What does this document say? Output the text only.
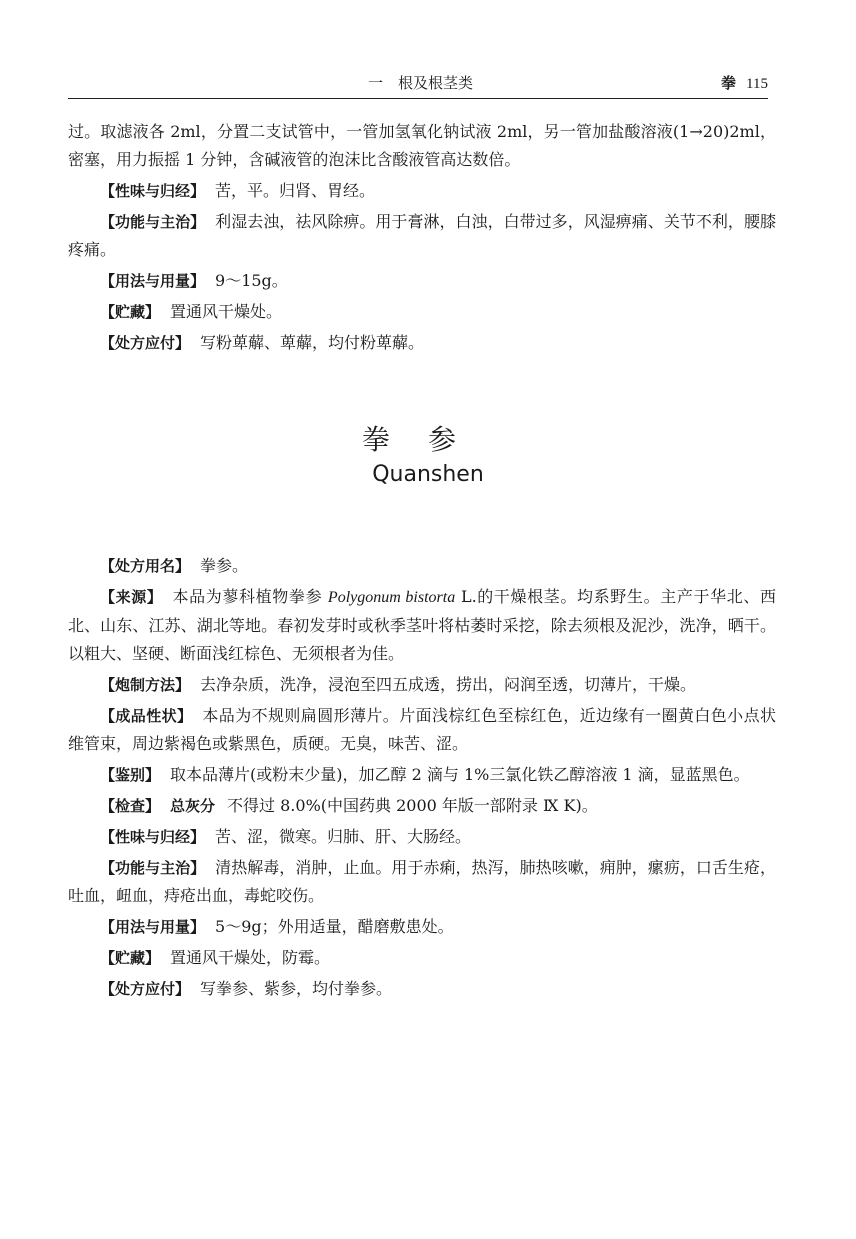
一　根及根茎类	拳 115

过。取滤液各 2ml，分置二支试管中，一管加氢氧化钠试液 2ml，另一管加盐酸溶液(1→20)2ml，密塞，用力振摇 1 分钟，含碱液管的泡沫比含酸液管高达数倍。

【性味与归经】 苦，平。归肾、胃经。

【功能与主治】 利湿去浊，祛风除痹。用于膏淋，白浊，白带过多，风湿痹痛、关节不利，腰膝疼痛。

【用法与用量】 9～15g。

【贮藏】 置通风干燥处。

【处方应付】 写粉萆薢、萆薢，均付粉萆薢。

拳参
Quanshen

【处方用名】 拳参。

【来源】 本品为蓼科植物拳参 Polygonum bistorta L.的干燥根茎。均系野生。主产于华北、西北、山东、江苏、湖北等地。春初发芽时或秋季茎叶将枯萎时采挖，除去须根及泥沙，洗净，晒干。以粗大、坚硬、断面浅红棕色、无须根者为佳。

【炮制方法】 去净杂质，洗净，浸泡至四五成透，捞出，闷润至透，切薄片，干燥。

【成品性状】 本品为不规则扁圆形薄片。片面浅棕红色至棕红色，近边缘有一圈黄白色小点状维管束，周边紫褐色或紫黑色，质硬。无臭，味苦、涩。

【鉴别】 取本品薄片(或粉末少量)，加乙醇 2 滴与 1%三氯化铁乙醇溶液 1 滴，显蓝黑色。

【检查】 总灰分 不得过 8.0%(中国药典 2000 年版一部附录 Ⅸ K)。

【性味与归经】 苦、涩，微寒。归肺、肝、大肠经。

【功能与主治】 清热解毒，消肿，止血。用于赤痢，热泻，肺热咳嗽，痈肿，瘰疬，口舌生疮，吐血，衄血，痔疮出血，毒蛇咬伤。

【用法与用量】 5～9g；外用适量，醋磨敷患处。

【贮藏】 置通风干燥处，防霉。

【处方应付】 写拳参、紫参，均付拳参。
